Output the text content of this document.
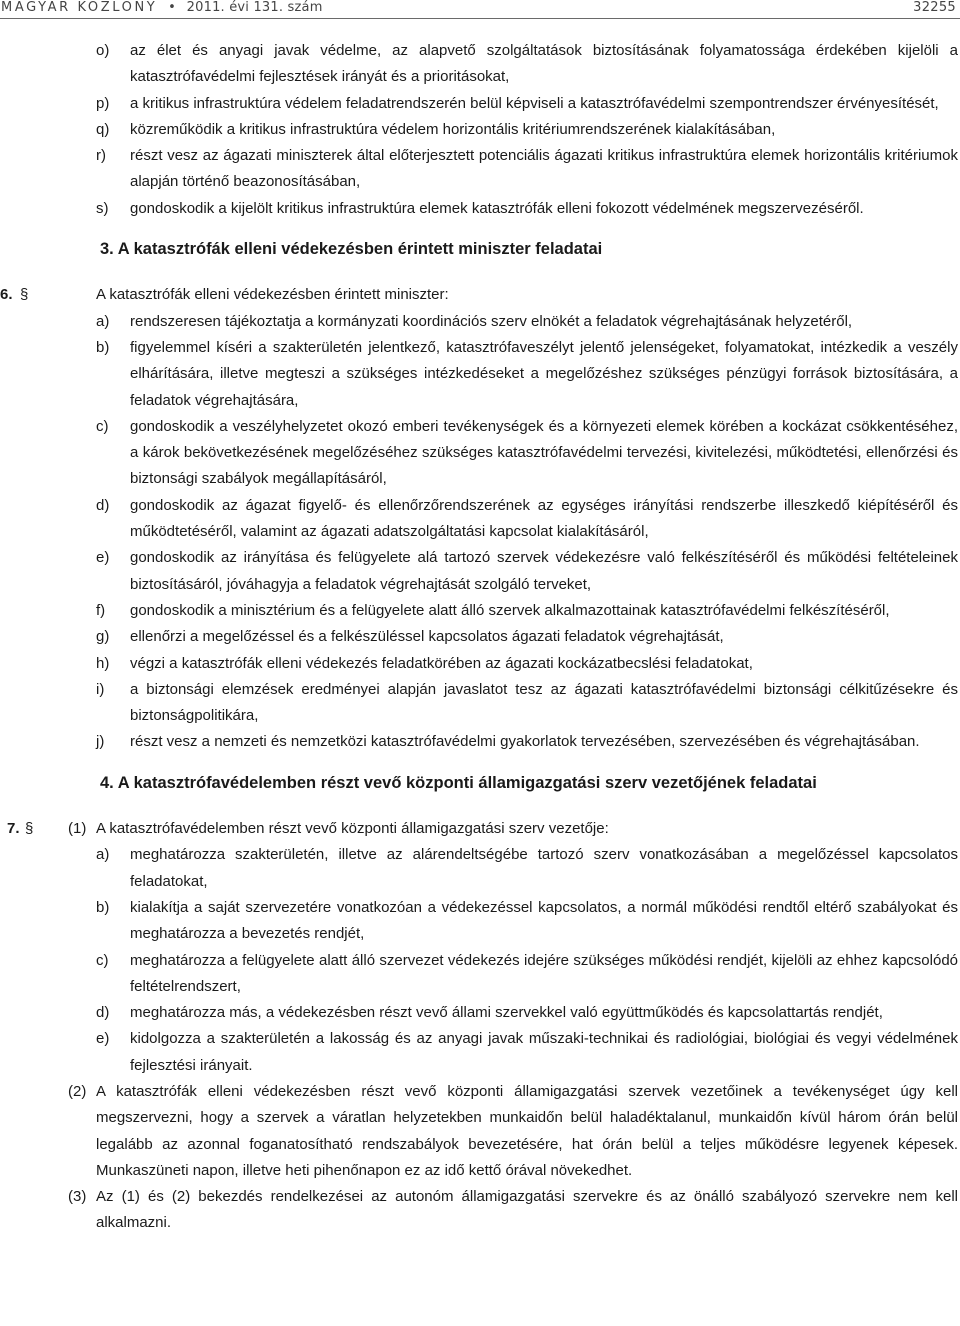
MAGYAR KÖZLÖNY • 2011. évi 131. szám	32255
o) az élet és anyagi javak védelme, az alapvető szolgáltatások biztosításának folyamatossága érdekében kijelöli a katasztrófavédelmi fejlesztések irányát és a prioritásokat,
p) a kritikus infrastruktúra védelem feladatrendszerén belül képviseli a katasztrófavédelmi szempontrendszer érvényesítését,
q) közreműködik a kritikus infrastruktúra védelem horizontális kritériumrendszerének kialakításában,
r) részt vesz az ágazati miniszterek által előterjesztett potenciális ágazati kritikus infrastruktúra elemek horizontális kritériumok alapján történő beazonosításában,
s) gondoskodik a kijelölt kritikus infrastruktúra elemek katasztrófák elleni fokozott védelmének megszervezéséről.
3. A katasztrófák elleni védekezésben érintett miniszter feladatai
6. §	A katasztrófák elleni védekezésben érintett miniszter:
a) rendszeresen tájékoztatja a kormányzati koordinációs szerv elnökét a feladatok végrehajtásának helyzetéről,
b) figyelemmel kíséri a szakterületén jelentkező, katasztrófaveszélyt jelentő jelenségeket, folyamatokat, intézkedik a veszély elhárítására, illetve megteszi a szükséges intézkedéseket a megelőzéshez szükséges pénzügyi források biztosítására, a feladatok végrehajtására,
c) gondoskodik a veszélyhelyzetet okozó emberi tevékenységek és a környezeti elemek körében a kockázat csökkentéséhez, a károk bekövetkezésének megelőzéséhez szükséges katasztrófavédelmi tervezési, kivitelezési, működtetési, ellenőrzési és biztonsági szabályok megállapításáról,
d) gondoskodik az ágazat figyelő- és ellenőrzőrendszerének az egységes irányítási rendszerbe illeszkedő kiépítéséről és működtetéséről, valamint az ágazati adatszolgáltatási kapcsolat kialakításáról,
e) gondoskodik az irányítása és felügyelete alá tartozó szervek védekezésre való felkészítéséről és működési feltételeinek biztosításáról, jóváhagyja a feladatok végrehajtását szolgáló terveket,
f) gondoskodik a minisztérium és a felügyelete alatt álló szervek alkalmazottainak katasztrófavédelmi felkészítéséről,
g) ellenőrzi a megelőzéssel és a felkészüléssel kapcsolatos ágazati feladatok végrehajtását,
h) végzi a katasztrófák elleni védekezés feladatkörében az ágazati kockázatbecslési feladatokat,
i) a biztonsági elemzések eredményei alapján javaslatot tesz az ágazati katasztrófavédelmi biztonsági célkitűzésekre és biztonságpolitikára,
j) részt vesz a nemzeti és nemzetközi katasztrófavédelmi gyakorlatok tervezésében, szervezésében és végrehajtásában.
4. A katasztrófavédelemben részt vevő központi államigazgatási szerv vezetőjének feladatai
7. § (1) A katasztrófavédelemben részt vevő központi államigazgatási szerv vezetője:
a) meghatározza szakterületén, illetve az alárendeltségébe tartozó szerv vonatkozásában a megelőzéssel kapcsolatos feladatokat,
b) kialakítja a saját szervezetére vonatkozóan a védekezéssel kapcsolatos, a normál működési rendtől eltérő szabályokat és meghatározza a bevezetés rendjét,
c) meghatározza a felügyelete alatt álló szervezet védekezés idejére szükséges működési rendjét, kijelöli az ehhez kapcsolódó feltételrendszert,
d) meghatározza más, a védekezésben részt vevő állami szervekkel való együttműködés és kapcsolattartás rendjét,
e) kidolgozza a szakterületén a lakosság és az anyagi javak műszaki-technikai és radiológiai, biológiai és vegyi védelmének fejlesztési irányait.
(2) A katasztrófák elleni védekezésben részt vevő központi államigazgatási szervek vezetőinek a tevékenységet úgy kell megszervezni, hogy a szervek a váratlan helyzetekben munkaidőn belül haladéktalanul, munkaidőn kívül három órán belül legalább az azonnal foganatosítható rendszabályok bevezetésére, hat órán belül a teljes működésre legyenek képesek. Munkaszüneti napon, illetve heti pihenőnapon ez az idő kettő órával növekedhet.
(3) Az (1) és (2) bekezdés rendelkezései az autonóm államigazgatási szervekre és az önálló szabályozó szervekre nem kell alkalmazni.
